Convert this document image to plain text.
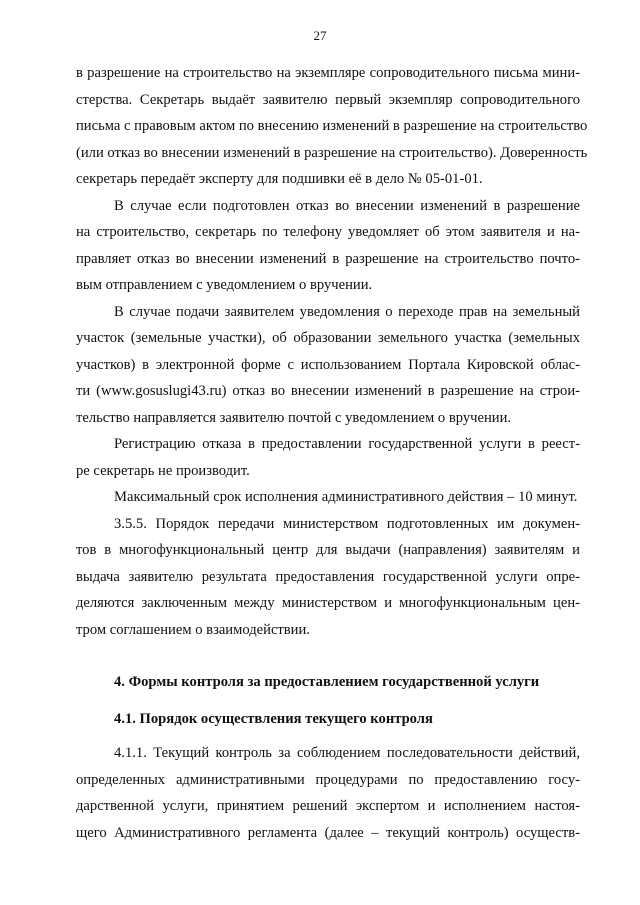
27
в разрешение на строительство на экземпляре сопроводительного письма мини-
стерства. Секретарь выдаёт заявителю первый экземпляр сопроводительного
письма с правовым актом по внесению изменений в разрешение на строительство
(или отказ во внесении изменений в разрешение на строительство). Доверенность
секретарь передаёт эксперту для подшивки её в дело № 05-01-01.
В случае если подготовлен отказ во внесении изменений в разрешение
на строительство, секретарь по телефону уведомляет об этом заявителя и на-
правляет отказ во внесении изменений в разрешение на строительство почто-
вым отправлением с уведомлением о вручении.
В случае подачи заявителем уведомления о переходе прав на земельный
участок (земельные участки), об образовании земельного участка (земельных
участков) в электронной форме с использованием Портала Кировской облас-
ти (www.gosuslugi43.ru) отказ во внесении изменений в разрешение на строи-
тельство направляется заявителю почтой с уведомлением о вручении.
Регистрацию отказа в предоставлении государственной услуги в реест-
ре секретарь не производит.
Максимальный срок исполнения административного действия – 10 минут.
3.5.5. Порядок передачи министерством подготовленных им докумен-
тов в многофункциональный центр для выдачи (направления) заявителям и
выдача заявителю результата предоставления государственной услуги опре-
деляются заключенным между министерством и многофункциональным цен-
тром соглашением о взаимодействии.
4. Формы контроля за предоставлением государственной услуги
4.1. Порядок осуществления текущего контроля
4.1.1. Текущий контроль за соблюдением последовательности действий,
определенных административными процедурами по предоставлению госу-
дарственной услуги, принятием решений экспертом и исполнением настоя-
щего Административного регламента (далее – текущий контроль) осуществ-
